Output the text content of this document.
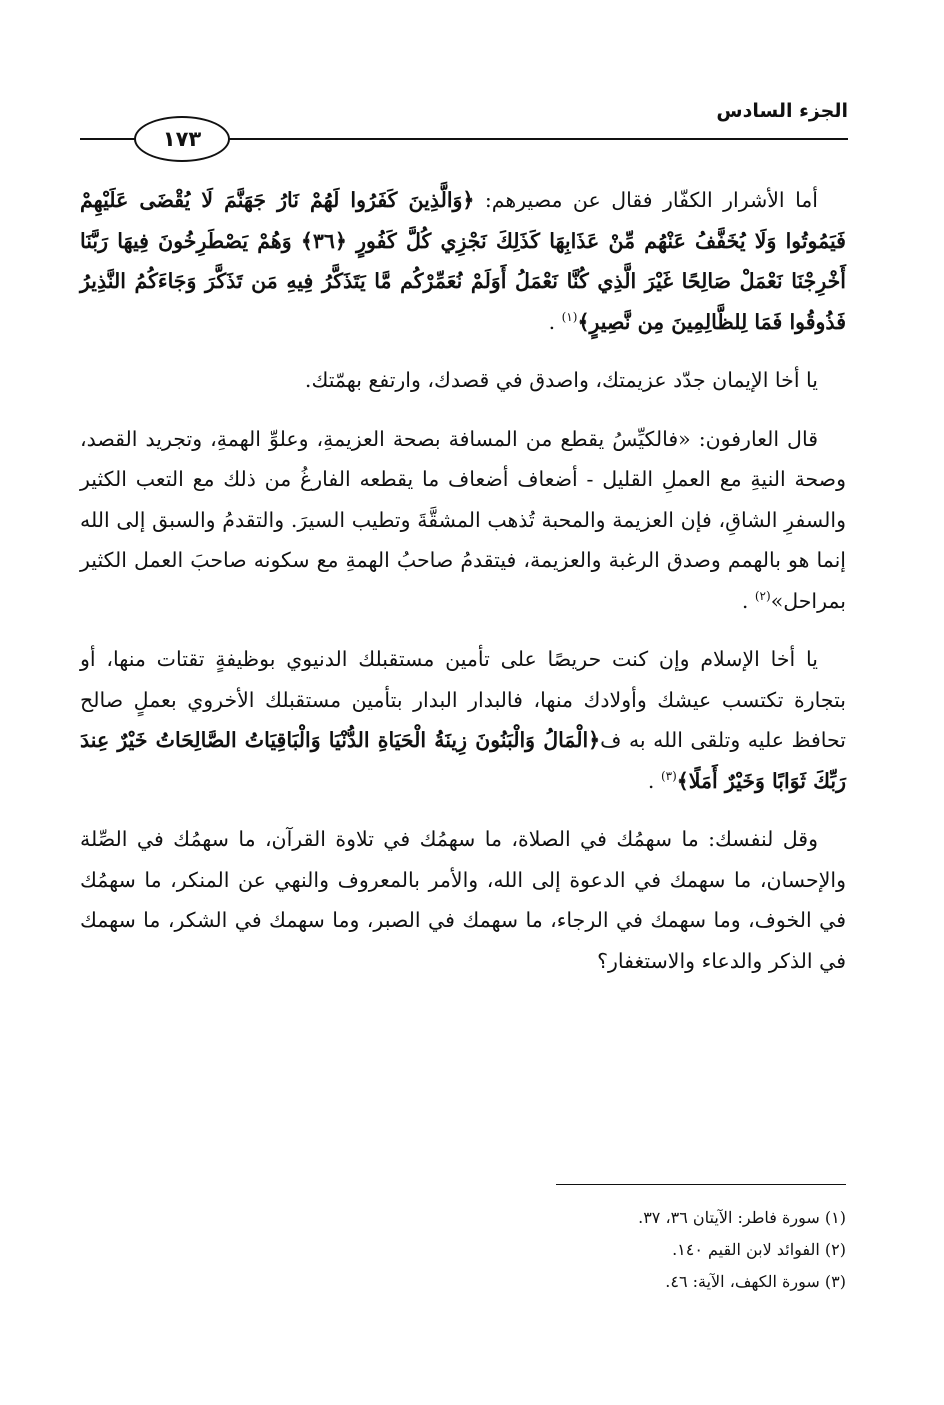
الجزء السادس
١٧٣

أما الأشرار الكفّار فقال عن مصيرهم: ﴿وَالَّذِينَ كَفَرُوا لَهُمْ نَارُ جَهَنَّمَ لَا يُقْضَى عَلَيْهِمْ فَيَمُوتُوا وَلَا يُخَفَّفُ عَنْهُم مِّنْ عَذَابِهَا كَذَلِكَ نَجْزِي كُلَّ كَفُورٍ ﴿٣٦﴾ وَهُمْ يَصْطَرِخُونَ فِيهَا رَبَّنَا أَخْرِجْنَا نَعْمَلْ صَالِحًا غَيْرَ الَّذِي كُنَّا نَعْمَلُ أَوَلَمْ نُعَمِّرْكُم مَّا يَتَذَكَّرُ فِيهِ مَن تَذَكَّرَ وَجَاءَكُمُ النَّذِيرُ فَذُوقُوا فَمَا لِلظَّالِمِينَ مِن نَّصِيرٍ﴾$^{(١)}$ .

يا أخا الإيمان جدّد عزيمتك، واصدق في قصدك، وارتفع بهمّتك.

قال العارفون: «فالكيِّسُ يقطع من المسافة بصحة العزيمةِ، وعلوِّ الهمةِ، وتجريد القصد، وصحة النيةِ مع العملِ القليل - أضعاف أضعاف ما يقطعه الفارغُ من ذلك مع التعب الكثير والسفرِ الشاقِ، فإن العزيمة والمحبة تُذهب المشقَّةَ وتطيب السيرَ. والتقدمُ والسبق إلى الله إنما هو بالهمم وصدق الرغبة والعزيمة، فيتقدمُ صاحبُ الهمةِ مع سكونه صاحبَ العمل الكثير بمراحل»$^{(٢)}$ .

يا أخا الإسلام وإن كنت حريصًا على تأمين مستقبلك الدنيوي بوظيفةٍ تقتات منها، أو بتجارة تكتسب عيشك وأولادك منها، فالبدار البدار بتأمين مستقبلك الأخروي بعملٍ صالح تحافظ عليه وتلقى الله به ف﴿الْمَالُ وَالْبَنُونَ زِينَةُ الْحَيَاةِ الدُّنْيَا وَالْبَاقِيَاتُ الصَّالِحَاتُ خَيْرٌ عِندَ رَبِّكَ ثَوَابًا وَخَيْرٌ أَمَلًا﴾$^{(٣)}$ .

وقل لنفسك: ما سهمُك في الصلاة، ما سهمُك في تلاوة القرآن، ما سهمُك في الصِّلة والإحسان، ما سهمك في الدعوة إلى الله، والأمر بالمعروف والنهي عن المنكر، ما سهمُك في الخوف، وما سهمك في الرجاء، ما سهمك في الصبر، وما سهمك في الشكر، ما سهمك في الذكر والدعاء والاستغفار؟

(١) سورة فاطر: الآيتان ٣٦، ٣٧.
(٢) الفوائد لابن القيم ١٤٠.
(٣) سورة الكهف، الآية: ٤٦.
